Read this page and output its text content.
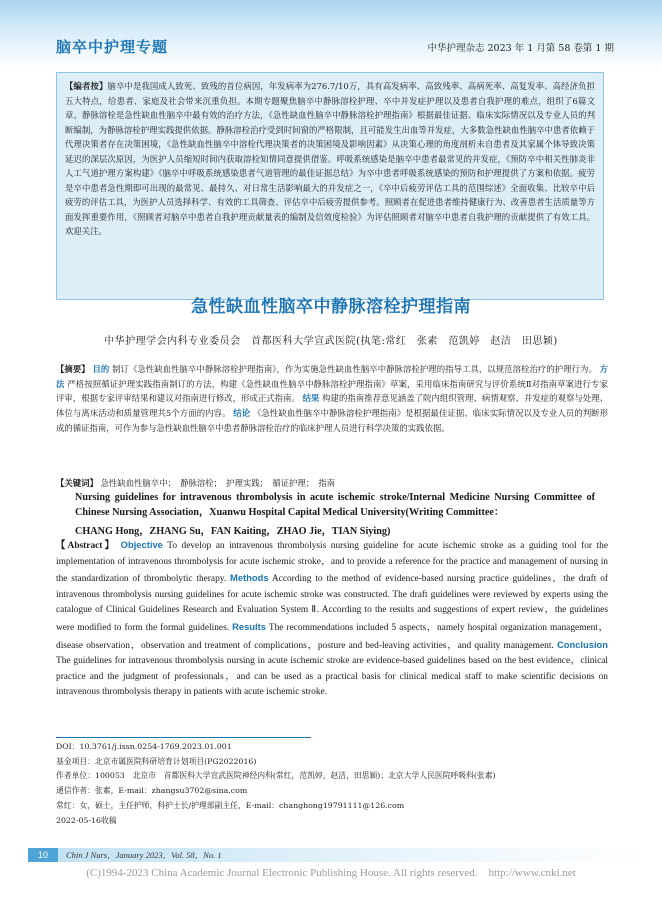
脑卒中护理专题	中华护理杂志 2023 年 1 月第 58 卷第 1 期
【编者按】脑卒中是我国成人致死、致残的首位病因，年发病率为276.7/10万，具有高发病率、高致残率、高病死率、高复发率、高经济负担五大特点，给患者、家庭及社会带来沉重负担。本期专题聚焦脑卒中静脉溶栓护理、卒中并发症护理以及患者自我护理的难点，组织了6篇文章。静脉溶栓是急性缺血性脑卒中最有效的治疗方法，《急性缺血性脑卒中静脉溶栓护理指南》根据最佳证据、临床实际情况以及专业人员的判断编制，为静脉溶栓护理实践提供依据。静脉溶栓治疗受到时间窗的严格限制，且可能发生出血等并发症，大多数急性缺血性脑卒中患者依赖于代理决策者存在决策困境，《急性缺血性脑卒中溶栓代理决策者的决策困境及影响因素》从决策心理的角度剖析未自患者及其家属个体导致决策延迟的深层次原因，为医护人员缩短时间内获取溶栓知情同意提供借鉴。呼吸系统感染是脑卒中患者最常见的并发症，《预防卒中相关性肺炎非人工气道护理方案构建》《脑卒中呼吸系统感染患者气道管理的最佳证据总结》为卒中患者呼吸系统感染的预防和护理提供了方案和依据。疲劳是卒中患者急性期即可出现的最常见、最持久、对日常生活影响最大的并发症之一，《卒中后疲劳评估工具的范围综述》全面收集、比较卒中后疲劳的评估工具，为医护人员选择科学、有效的工具筛查、评估卒中后疲劳提供参考。照顾者在促进患者维持健康行为、改善患者生活质量等方面发挥重要作用，《照顾者对脑卒中患者自我护理贡献量表的编制及信效度检验》为评估照顾者对脑卒中患者自我护理的贡献提供了有效工具。欢迎关注。
急性缺血性脑卒中静脉溶栓护理指南
中华护理学会内科专业委员会　首都医科大学宣武医院(执笔:常红　张素　范凯婷　赵洁　田思颖)
【摘要】 目的 制订《急性缺血性脑卒中静脉溶栓护理指南》，作为实施急性缺血性脑卒中静脉溶栓护理的指导工具，以规范溶栓治疗的护理行为。 方法 严格按照循证护理实践指南制订的方法，构建《急性缺血性脑卒中静脉溶栓护理指南》草案，采用临床指南研究与评价系统Ⅱ对指南草案进行专家评审，根据专家评审结果和建议对指南进行修改，形成正式指南。 结果 构建的指南推荐意见涵盖了院内组织管理、病情观察、并发症的观察与处理、体位与离床活动和质量管理共5个方面的内容。 结论 《急性缺血性脑卒中静脉溶栓护理指南》是根据最佳证据、临床实际情况以及专业人员的判断形成的循证指南，可作为参与急性缺血性脑卒中患者静脉溶栓治疗的临床护理人员进行科学决策的实践依据。
【关键词】 急性缺血性脑卒中；　静脉溶栓；　护理实践；　循证护理；　指南
Nursing guidelines for intravenous thrombolysis in acute ischemic stroke/Internal Medicine Nursing Committee of Chinese Nursing Association，Xuanwu Hospital Capital Medical University(Writing Committee：
CHANG Hong，ZHANG Su，FAN Kaiting，ZHAO Jie，TIAN Siying)
【Abstract】 Objective To develop an intravenous thrombolysis nursing guideline for acute ischemic stroke as a guiding tool for the implementation of intravenous thrombolysis for acute ischemic stroke，and to provide a reference for the practice and management of nursing in the standardization of thrombolytic therapy. Methods According to the method of evidence-based nursing practice guidelines，the draft of intravenous thrombolysis nursing guidelines for acute ischemic stroke was constructed. The draft guidelines were reviewed by experts using the catalogue of Clinical Guidelines Research and Evaluation System Ⅱ. According to the results and suggestions of expert review，the guidelines were modified to form the formal guidelines. Results The recommendations included 5 aspects，namely hospital organization management，disease observation，observation and treatment of complications，posture and bed-leaving activities，and quality management. Conclusion The guidelines for intravenous thrombolysis nursing in acute ischemic stroke are evidence-based guidelines based on the best evidence，clinical practice and the judgment of professionals，and can be used as a practical basis for clinical medical staff to make scientific decisions on intravenous thrombolysis therapy in patients with acute ischemic stroke.
DOI：10.3761/j.issn.0254-1769.2023.01.001
基金项目：北京市属医院科研培育计划项目(PG2022016)
作者单位：100053　北京市　首都医科大学宣武医院神经内科(常红，范凯婷，赵洁，田思颖)；北京大学人民医院呼吸科(张素)
通信作者：张素，E-mail：zhangsu3702@sina.com
常红：女，硕士，主任护师，科护士长/护理部副主任，E-mail：changhong19791111@126.com
2022-05-16收稿
10	Chin J Nurs，January 2023，Vol. 58，No. 1
(C)1994-2023 China Academic Journal Electronic Publishing House. All rights reserved.　http://www.cnki.net
